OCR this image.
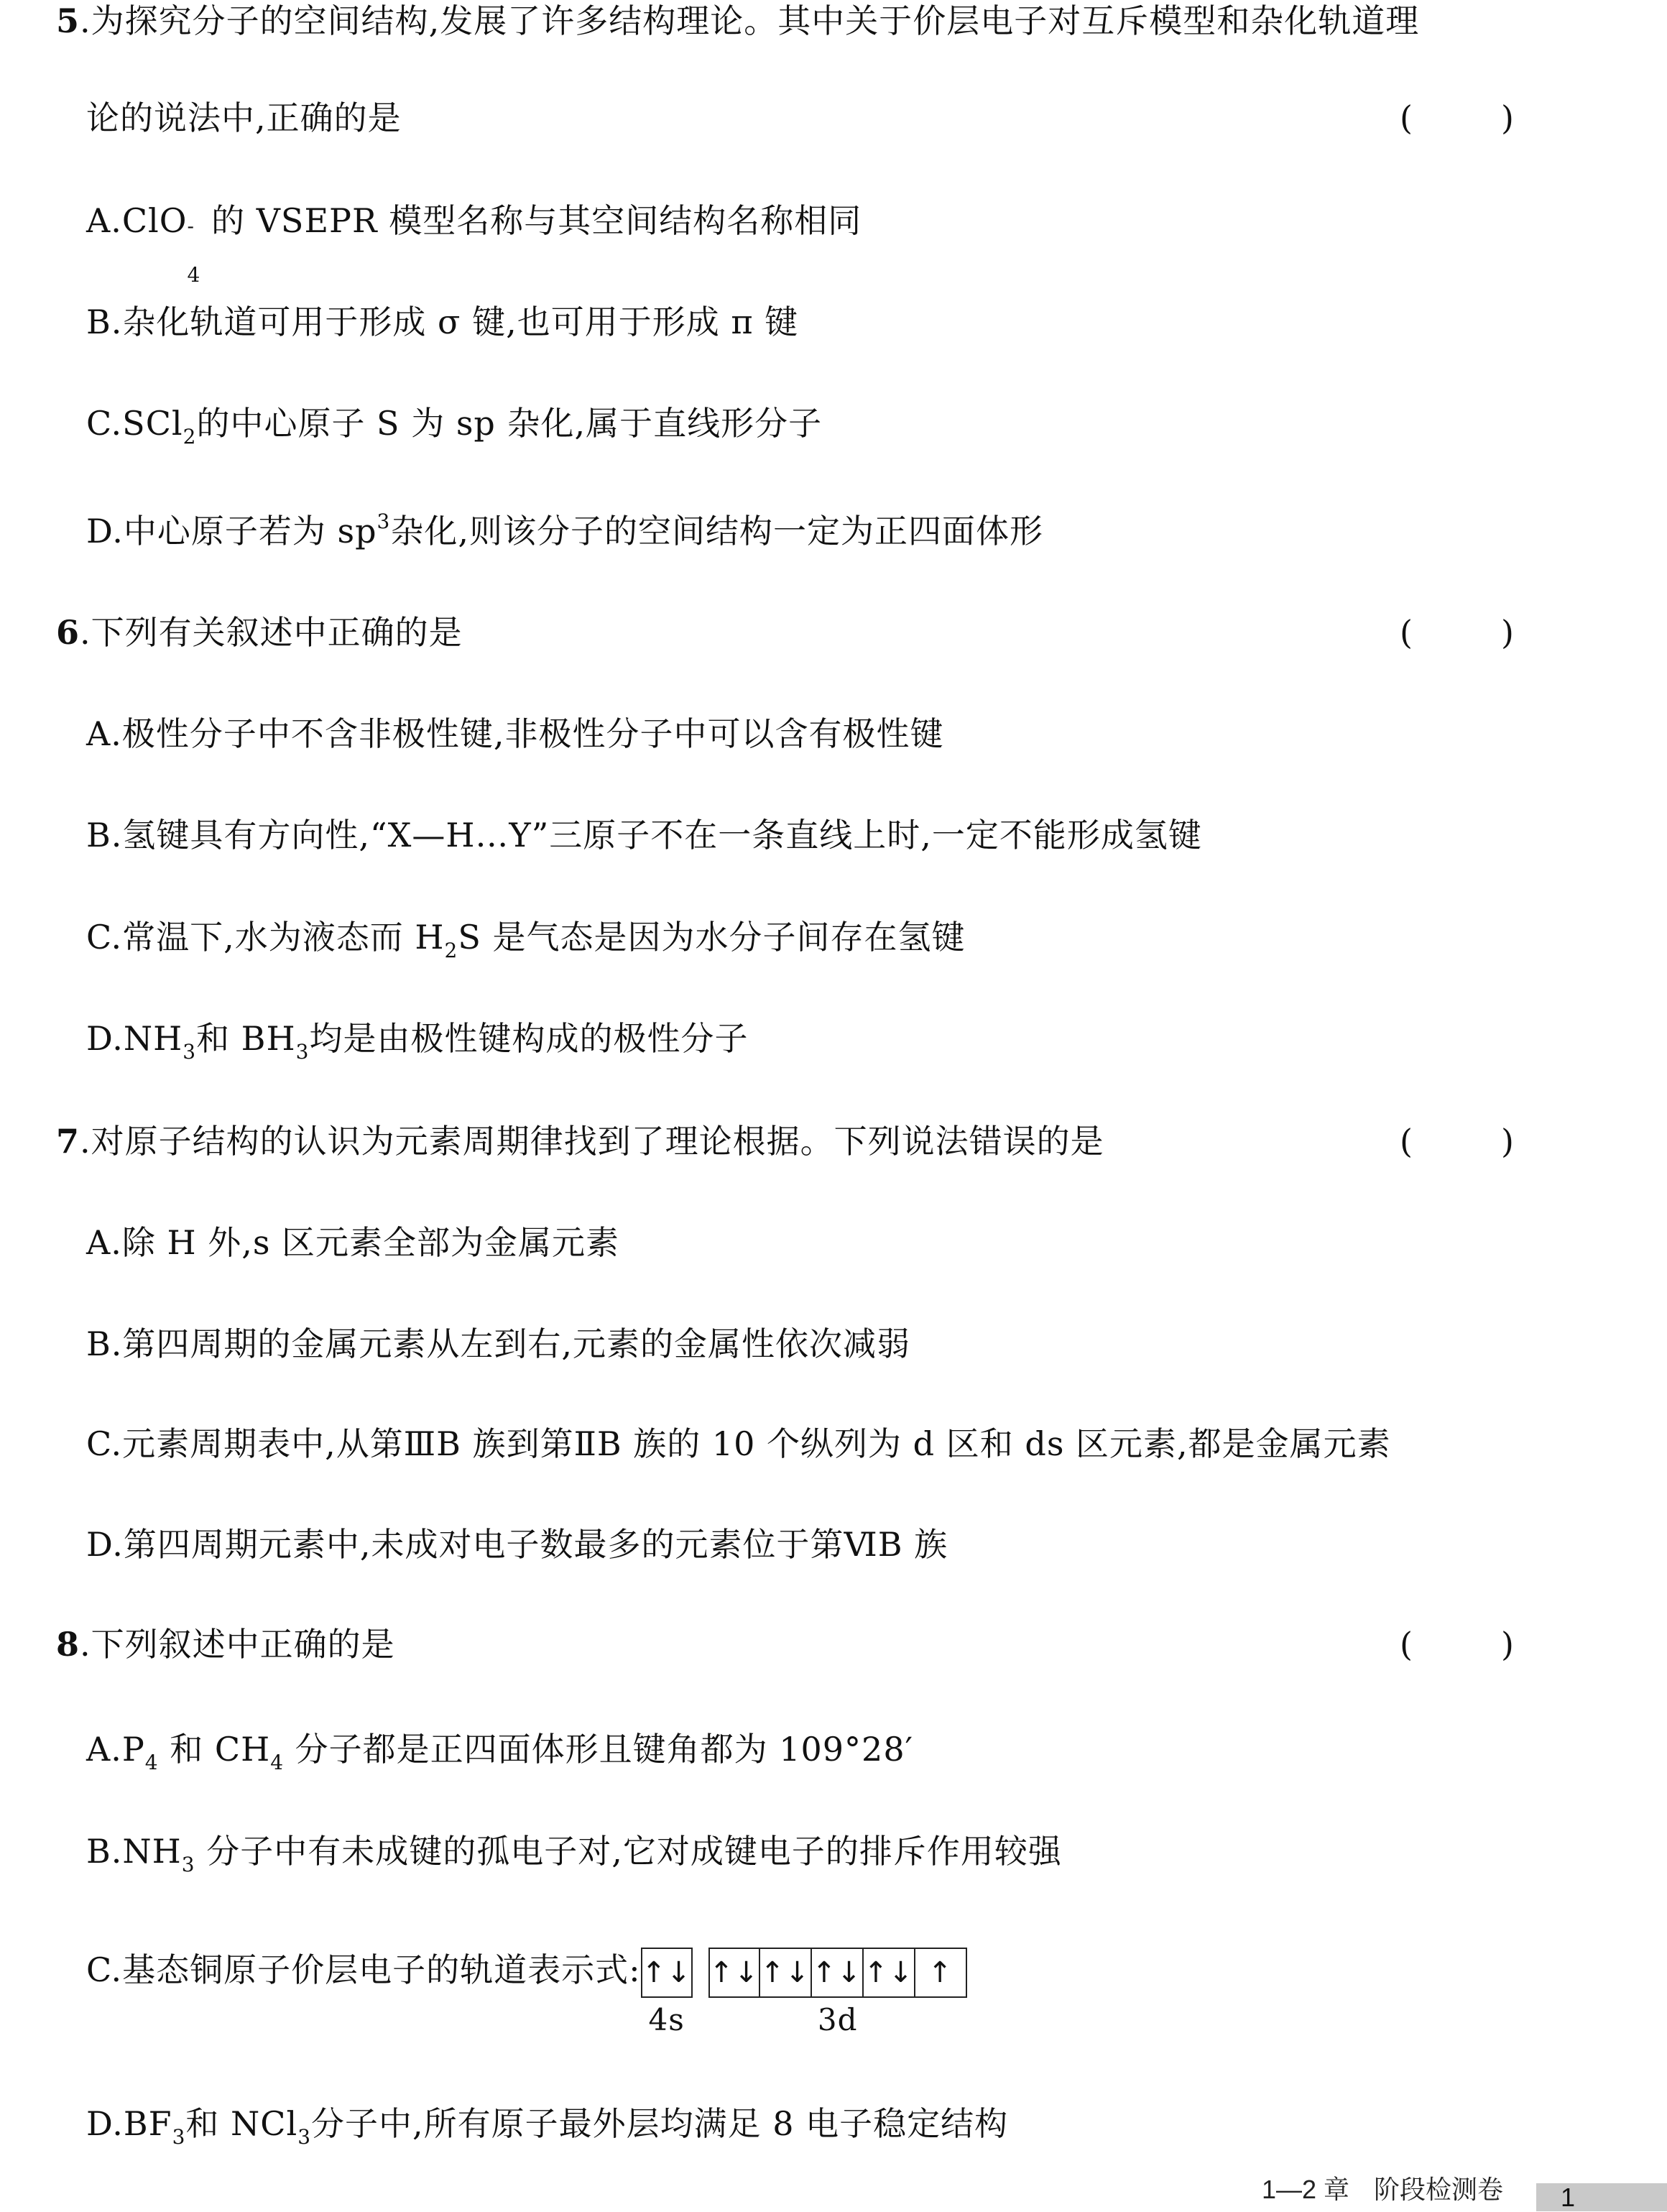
5.为探究分子的空间结构,发展了许多结构理论。其中关于价层电子对互斥模型和杂化轨道理
论的说法中,正确的是	(	)
A.ClO -
4
的 VSEPR 模型名称与其空间结构名称相同
B.杂化轨道可用于形成 σ 键,也可用于形成 π 键
C.SCl$_2$的中心原子 S 为 sp 杂化,属于直线形分子
D.中心原子若为 $sp^3$杂化,则该分子的空间结构一定为正四面体形
6.下列有关叙述中正确的是	(	)
A.极性分子中不含非极性键,非极性分子中可以含有极性键
B.氢键具有方向性,“X—H…Y”三原子不在一条直线上时,一定不能形成氢键
C.常温下,水为液态而 $H_2S$ 是气态是因为水分子间存在氢键
$D.NH_3$和 $BH_3$均是由极性键构成的极性分子
7.对原子结构的认识为元素周期律找到了理论根据。下列说法错误的是	(	)
A.除 H 外,s 区元素全部为金属元素
B.第四周期的金属元素从左到右,元素的金属性依次减弱
C.元素周期表中,从第ⅢB 族到第ⅡB 族的 10 个纵列为 d 区和 ds 区元素,都是金属元素
D.第四周期元素中,未成对电子数最多的元素位于第ⅥB 族
8.下列叙述中正确的是	(	)
$A.P_4$ 和 $CH_4$ 分子都是正四面体形且键角都为 109°28′
$B.NH_3$ 分子中有未成键的孤电子对,它对成键电子的排斥作用较强
C.基态铜原子价层电子的轨道表示式: ↑↓
4s
↑↓ ↑↓ ↑↓ ↑↓ ↑
3d
$D.BF_3$和 NCl$_3$分子中,所有原子最外层均满足 8 电子稳定结构
1—2 章 阶段检测卷	1
